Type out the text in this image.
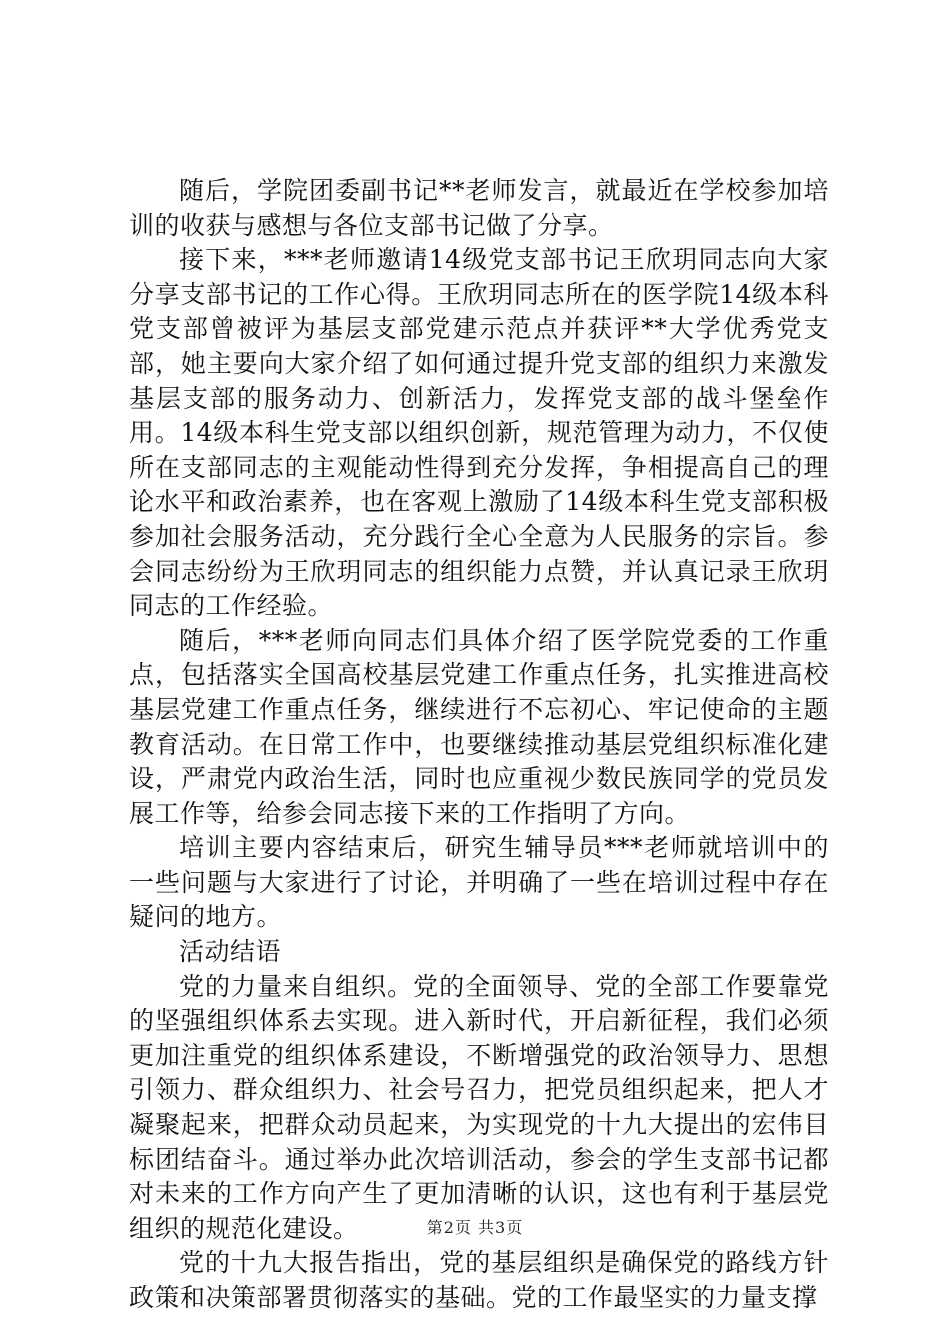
随后，学院团委副书记**老师发言，就最近在学校参加培训的收获与感想与各位支部书记做了分享。

接下来，***老师邀请14级党支部书记王欣玥同志向大家分享支部书记的工作心得。王欣玥同志所在的医学院14级本科党支部曾被评为基层支部党建示范点并获评**大学优秀党支部，她主要向大家介绍了如何通过提升党支部的组织力来激发基层支部的服务动力、创新活力，发挥党支部的战斗堡垒作用。14级本科生党支部以组织创新，规范管理为动力，不仅使所在支部同志的主观能动性得到充分发挥，争相提高自己的理论水平和政治素养，也在客观上激励了14级本科生党支部积极参加社会服务活动，充分践行全心全意为人民服务的宗旨。参会同志纷纷为王欣玥同志的组织能力点赞，并认真记录王欣玥同志的工作经验。

随后，***老师向同志们具体介绍了医学院党委的工作重点，包括落实全国高校基层党建工作重点任务，扎实推进高校基层党建工作重点任务，继续进行不忘初心、牢记使命的主题教育活动。在日常工作中，也要继续推动基层党组织标准化建设，严肃党内政治生活，同时也应重视少数民族同学的党员发展工作等，给参会同志接下来的工作指明了方向。

培训主要内容结束后，研究生辅导员***老师就培训中的一些问题与大家进行了讨论，并明确了一些在培训过程中存在疑问的地方。

活动结语

党的力量来自组织。党的全面领导、党的全部工作要靠党的坚强组织体系去实现。进入新时代，开启新征程，我们必须更加注重党的组织体系建设，不断增强党的政治领导力、思想引领力、群众组织力、社会号召力，把党员组织起来，把人才凝聚起来，把群众动员起来，为实现党的十九大提出的宏伟目标团结奋斗。通过举办此次培训活动，参会的学生支部书记都对未来的工作方向产生了更加清晰的认识，这也有利于基层党组织的规范化建设。

党的十九大报告指出，党的基层组织是确保党的路线方针政策和决策部署贯彻落实的基础。党的工作最坚实的力量支撑

第2页 共3页
